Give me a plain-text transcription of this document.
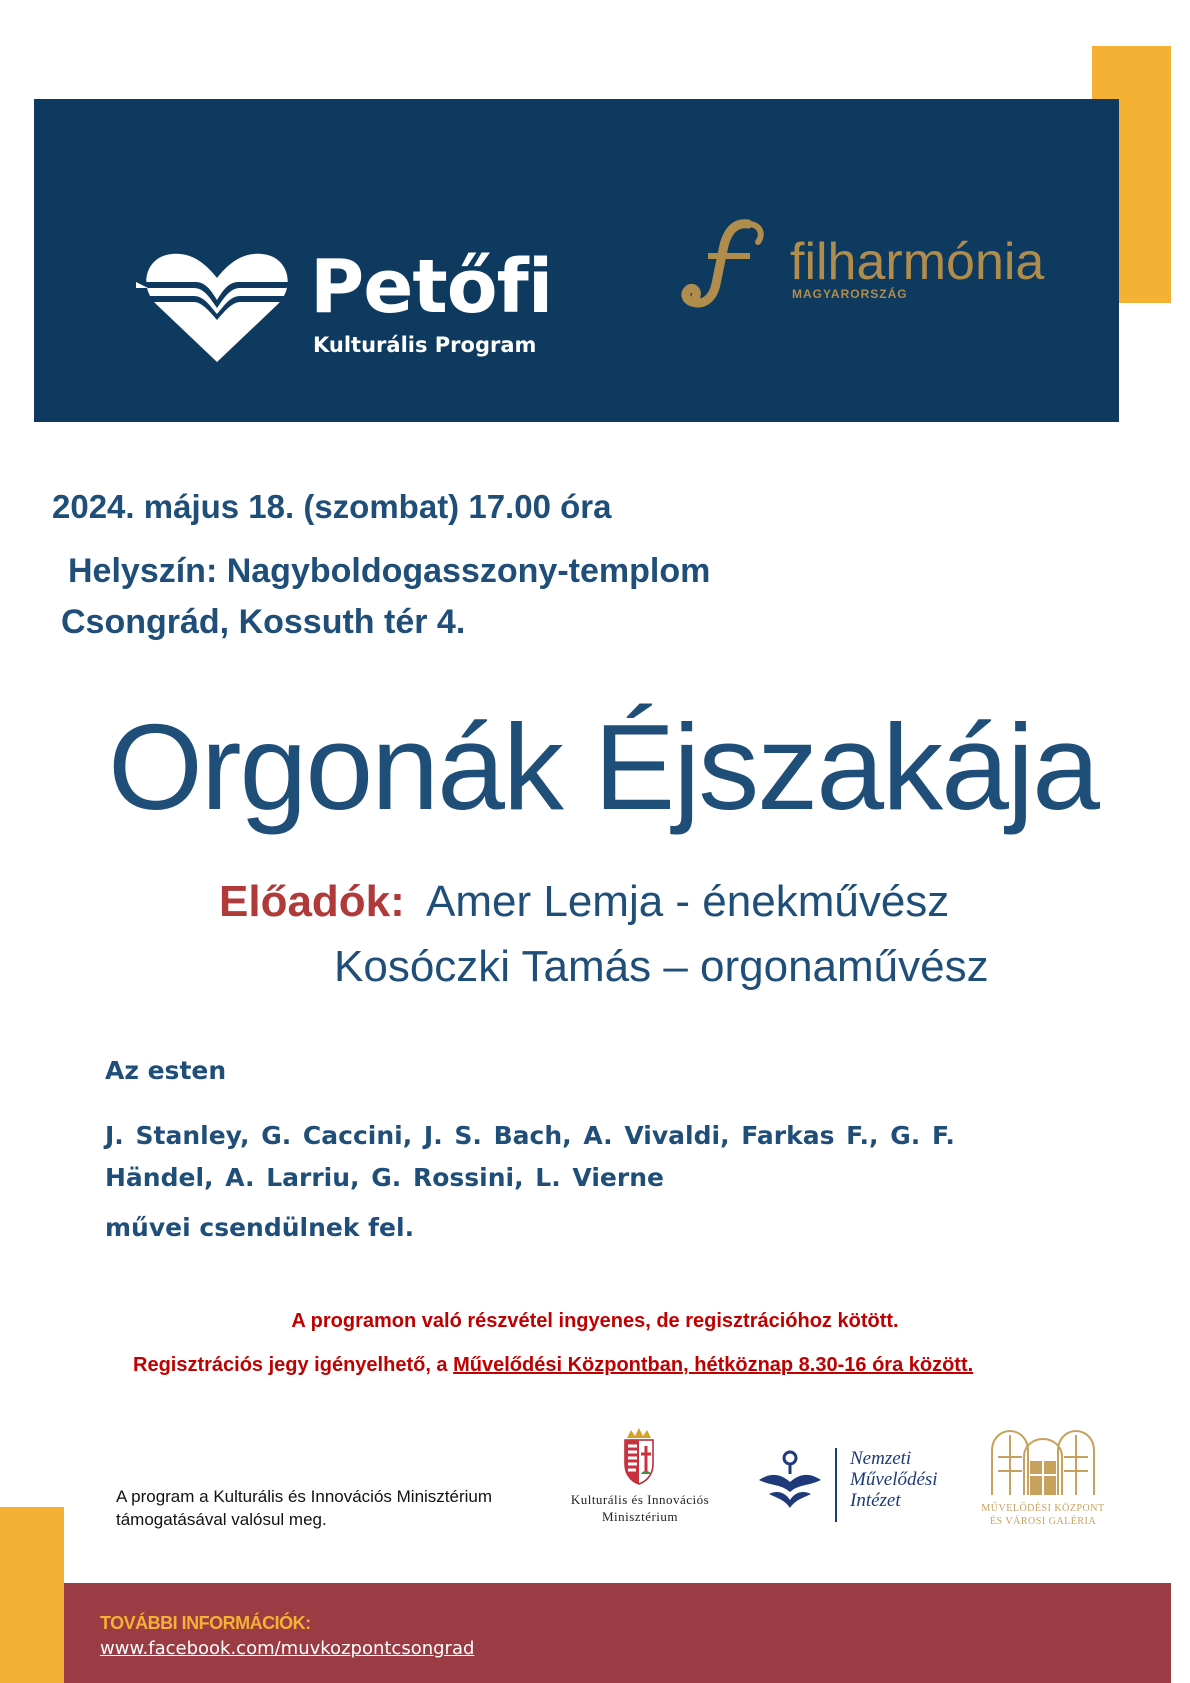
Petőfi
Kulturális Program
filharmónia
MAGYARORSZÁG
2024. május 18. (szombat) 17.00 óra
Helyszín: Nagyboldogasszony-templom
Csongrád, Kossuth tér 4.
Orgonák Éjszakája
Előadók: Amer Lemja - énekművész
Kosóczki Tamás – orgonaművész
Az esten
J. Stanley, G. Caccini, J. S. Bach, A. Vivaldi, Farkas F., G. F. Händel, A. Larriu, G. Rossini, L. Vierne
művei csendülnek fel.
A programon való részvétel ingyenes, de regisztrációhoz kötött.
Regisztrációs jegy igényelhető, a Művelődési Központban, hétköznap 8.30-16 óra között.
A program a Kulturális és Innovációs Minisztérium
támogatásával valósul meg.
Kulturális és Innovációs
Minisztérium
Nemzeti
Művelődési
Intézet	MŰVELŐDÉSI KÖZPONT
ÉS VÁROSI GALÉRIA
TOVÁBBI INFORMÁCIÓK:
www.facebook.com/muvkozpontcsongrad
